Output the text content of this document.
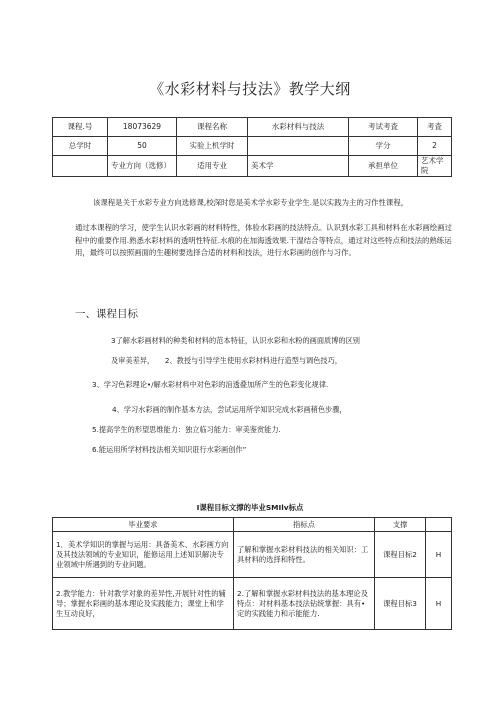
《水彩材料与技法》教学大纲
课程.号	18073629	课程名称	水彩材料与技法	考试考査	考査
总学时	50	实验上机学时		学分	2
	专业方向（选修）	适用专业	美术学	承担单位	艺术学院
该课程是关于水彩专业方向选修课,校深时您是美术学水彩专业学生.是以实践为主的习作性课程，
通过本课程的学习，使学生认识水彩画的材料特性，体验水彩画的技法特点。认识到水彩工具和材料在水彩画绘画过程中的重要作用.熟悉水彩材料的透明性特征.水痕的在加海透效果.干湿结合等特点，通过对这些特点和技法的熟练运用，最终可以按照画面的生趣树要选择合适的材料和技法，进行水彩画的创作与习作。
一、课程目标
3了解水彩画材料的种类和材料的范本特征，认识水彩和水粉的画面质博的区别
及审美差异，　　2、教授与引导学生使用水彩材料进行造型与调色技巧，
3、学习色彩理论•/解水彩材料中对色彩的涫透叠加所产生的色彩变化规律.
4、学习水彩画的制作基本方法，尝试运用所学知识完成水彩画稍色步骤，
5.提高学生的形望思维能力：独立临习能力：审美鉴赏能力.
6.能运用所学材料技法相关知识诳行水彩画创作”
I课程目标文撑的毕业SMIlv标点
毕业要求	指标点	支撑	
1．美术学知识的掌握与运用：具备美术、水彩画方向及其技法领域的专业知识，能修运用上述知识解决专业领域中所遇到的专业问题。	了解和掌握水彩材料技法的相关知识：工具材料的选择和特性。	课程目标2	H
2.教学能力：针对教学对象的差异性,开展针对性的辅导；掌握水彩画的基本理论及实践能力；课堂上和学生互动良好，	2.了解和掌握水彩材料技法的基本理论及特点：对材料基本技法钻统掌握：具有•定的实践能力和示能能力.	课程目标3	H
